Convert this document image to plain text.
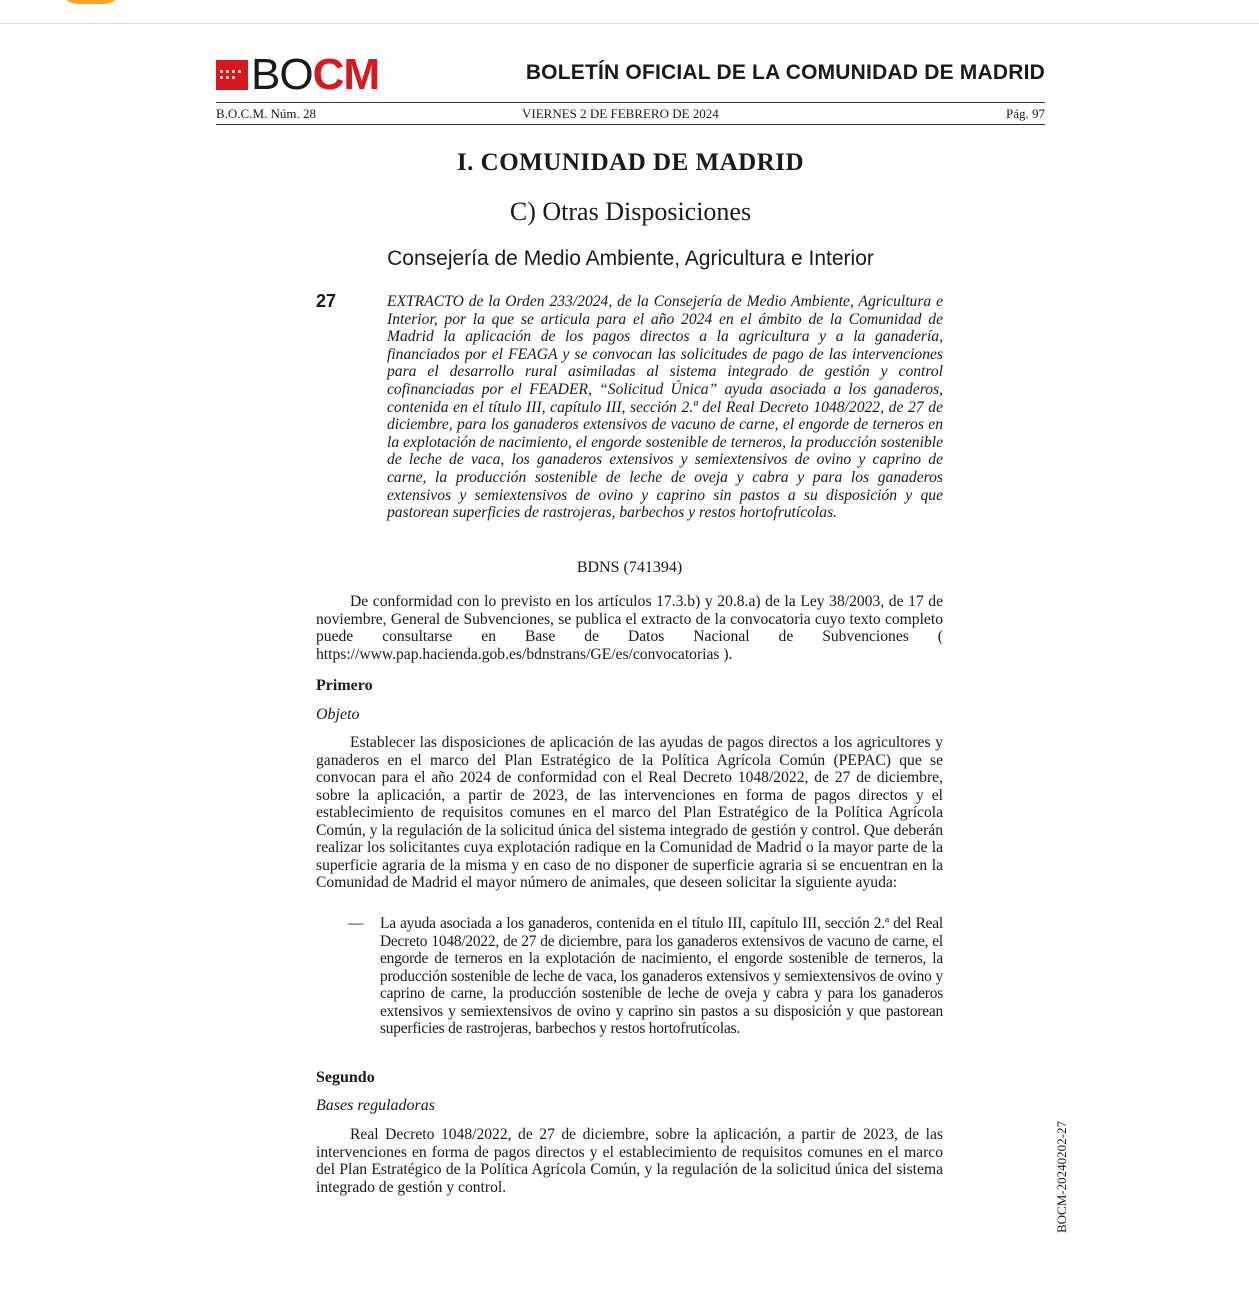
BOCM	BOLETÍN OFICIAL DE LA COMUNIDAD DE MADRID
B.O.C.M. Núm. 28	VIERNES 2 DE FEBRERO DE 2024	Pág. 97
I. COMUNIDAD DE MADRID
C) Otras Disposiciones
Consejería de Medio Ambiente, Agricultura e Interior
27	EXTRACTO de la Orden 233/2024, de la Consejería de Medio Ambiente, Agricultura e Interior, por la que se articula para el año 2024 en el ámbito de la Comunidad de Madrid la aplicación de los pagos directos a la agricultura y a la ganadería, financiados por el FEAGA y se convocan las solicitudes de pago de las intervenciones para el desarrollo rural asimiladas al sistema integrado de gestión y control cofinanciadas por el FEADER, “Solicitud Única” ayuda asociada a los ganaderos, contenida en el título III, capítulo III, sección 2.ª del Real Decreto 1048/2022, de 27 de diciembre, para los ganaderos extensivos de vacuno de carne, el engorde de terneros en la explotación de nacimiento, el engorde sostenible de terneros, la producción sostenible de leche de vaca, los ganaderos extensivos y semiextensivos de ovino y caprino de carne, la producción sostenible de leche de oveja y cabra y para los ganaderos extensivos y semiextensivos de ovino y caprino sin pastos a su disposición y que pastorean superficies de rastrojeras, barbechos y restos hortofrutícolas.
BDNS (741394)
De conformidad con lo previsto en los artículos 17.3.b) y 20.8.a) de la Ley 38/2003, de 17 de noviembre, General de Subvenciones, se publica el extracto de la convocatoria cuyo texto completo puede consultarse en Base de Datos Nacional de Subvenciones ( https://www.pap.hacienda.gob.es/bdnstrans/GE/es/convocatorias ).
Primero
Objeto
Establecer las disposiciones de aplicación de las ayudas de pagos directos a los agricultores y ganaderos en el marco del Plan Estratégico de la Política Agrícola Común (PEPAC) que se convocan para el año 2024 de conformidad con el Real Decreto 1048/2022, de 27 de diciembre, sobre la aplicación, a partir de 2023, de las intervenciones en forma de pagos directos y el establecimiento de requisitos comunes en el marco del Plan Estratégico de la Política Agrícola Común, y la regulación de la solicitud única del sistema integrado de gestión y control. Que deberán realizar los solicitantes cuya explotación radique en la Comunidad de Madrid o la mayor parte de la superficie agraria de la misma y en caso de no disponer de superficie agraria si se encuentran en la Comunidad de Madrid el mayor número de animales, que deseen solicitar la siguiente ayuda:
— La ayuda asociada a los ganaderos, contenida en el título III, capítulo III, sección 2.ª del Real Decreto 1048/2022, de 27 de diciembre, para los ganaderos extensivos de vacuno de carne, el engorde de terneros en la explotación de nacimiento, el engorde sostenible de terneros, la producción sostenible de leche de vaca, los ganaderos extensivos y semiextensivos de ovino y caprino de carne, la producción sostenible de leche de oveja y cabra y para los ganaderos extensivos y semiextensivos de ovino y caprino sin pastos a su disposición y que pastorean superficies de rastrojeras, barbechos y restos hortofrutícolas.
Segundo
Bases reguladoras
Real Decreto 1048/2022, de 27 de diciembre, sobre la aplicación, a partir de 2023, de las intervenciones en forma de pagos directos y el establecimiento de requisitos comunes en el marco del Plan Estratégico de la Política Agrícola Común, y la regulación de la solicitud única del sistema integrado de gestión y control.	BOCM-20240202-27
